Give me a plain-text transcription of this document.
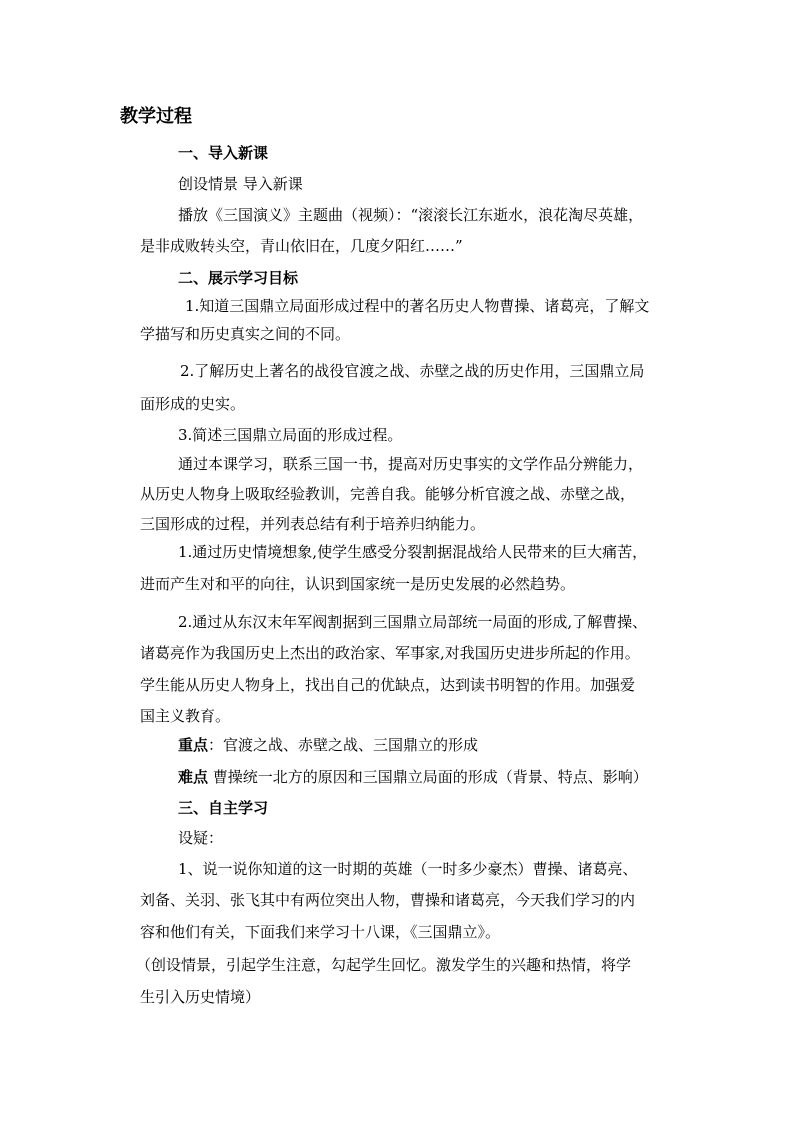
教学过程
一、导入新课
创设情景 导入新课
播放《三国演义》主题曲（视频）：“滚滚长江东逝水，浪花淘尽英雄，
是非成败转头空，青山依旧在，几度夕阳红……”
二、展示学习目标
1.知道三国鼎立局面形成过程中的著名历史人物曹操、诸葛亮，了解文
学描写和历史真实之间的不同。
2.了解历史上著名的战役官渡之战、赤壁之战的历史作用，三国鼎立局
面形成的史实。
3.简述三国鼎立局面的形成过程。
通过本课学习，联系三国一书，提高对历史事实的文学作品分辨能力，
从历史人物身上吸取经验教训，完善自我。能够分析官渡之战、赤壁之战，
三国形成的过程，并列表总结有利于培养归纳能力。
1.通过历史情境想象,使学生感受分裂割据混战给人民带来的巨大痛苦，
进而产生对和平的向往，认识到国家统一是历史发展的必然趋势。
2.通过从东汉末年军阀割据到三国鼎立局部统一局面的形成,了解曹操、
诸葛亮作为我国历史上杰出的政治家、军事家,对我国历史进步所起的作用。
学生能从历史人物身上，找出自己的优缺点，达到读书明智的作用。加强爱
国主义教育。
重点：官渡之战、赤壁之战、三国鼎立的形成
难点 曹操统一北方的原因和三国鼎立局面的形成（背景、特点、影响）
三、自主学习
设疑：
1、说一说你知道的这一时期的英雄（一时多少豪杰）曹操、诸葛亮、
刘备、关羽、张飞其中有两位突出人物，曹操和诸葛亮，今天我们学习的内
容和他们有关，下面我们来学习十八课，《三国鼎立》。
（创设情景，引起学生注意，勾起学生回忆。激发学生的兴趣和热情，将学
生引入历史情境）
